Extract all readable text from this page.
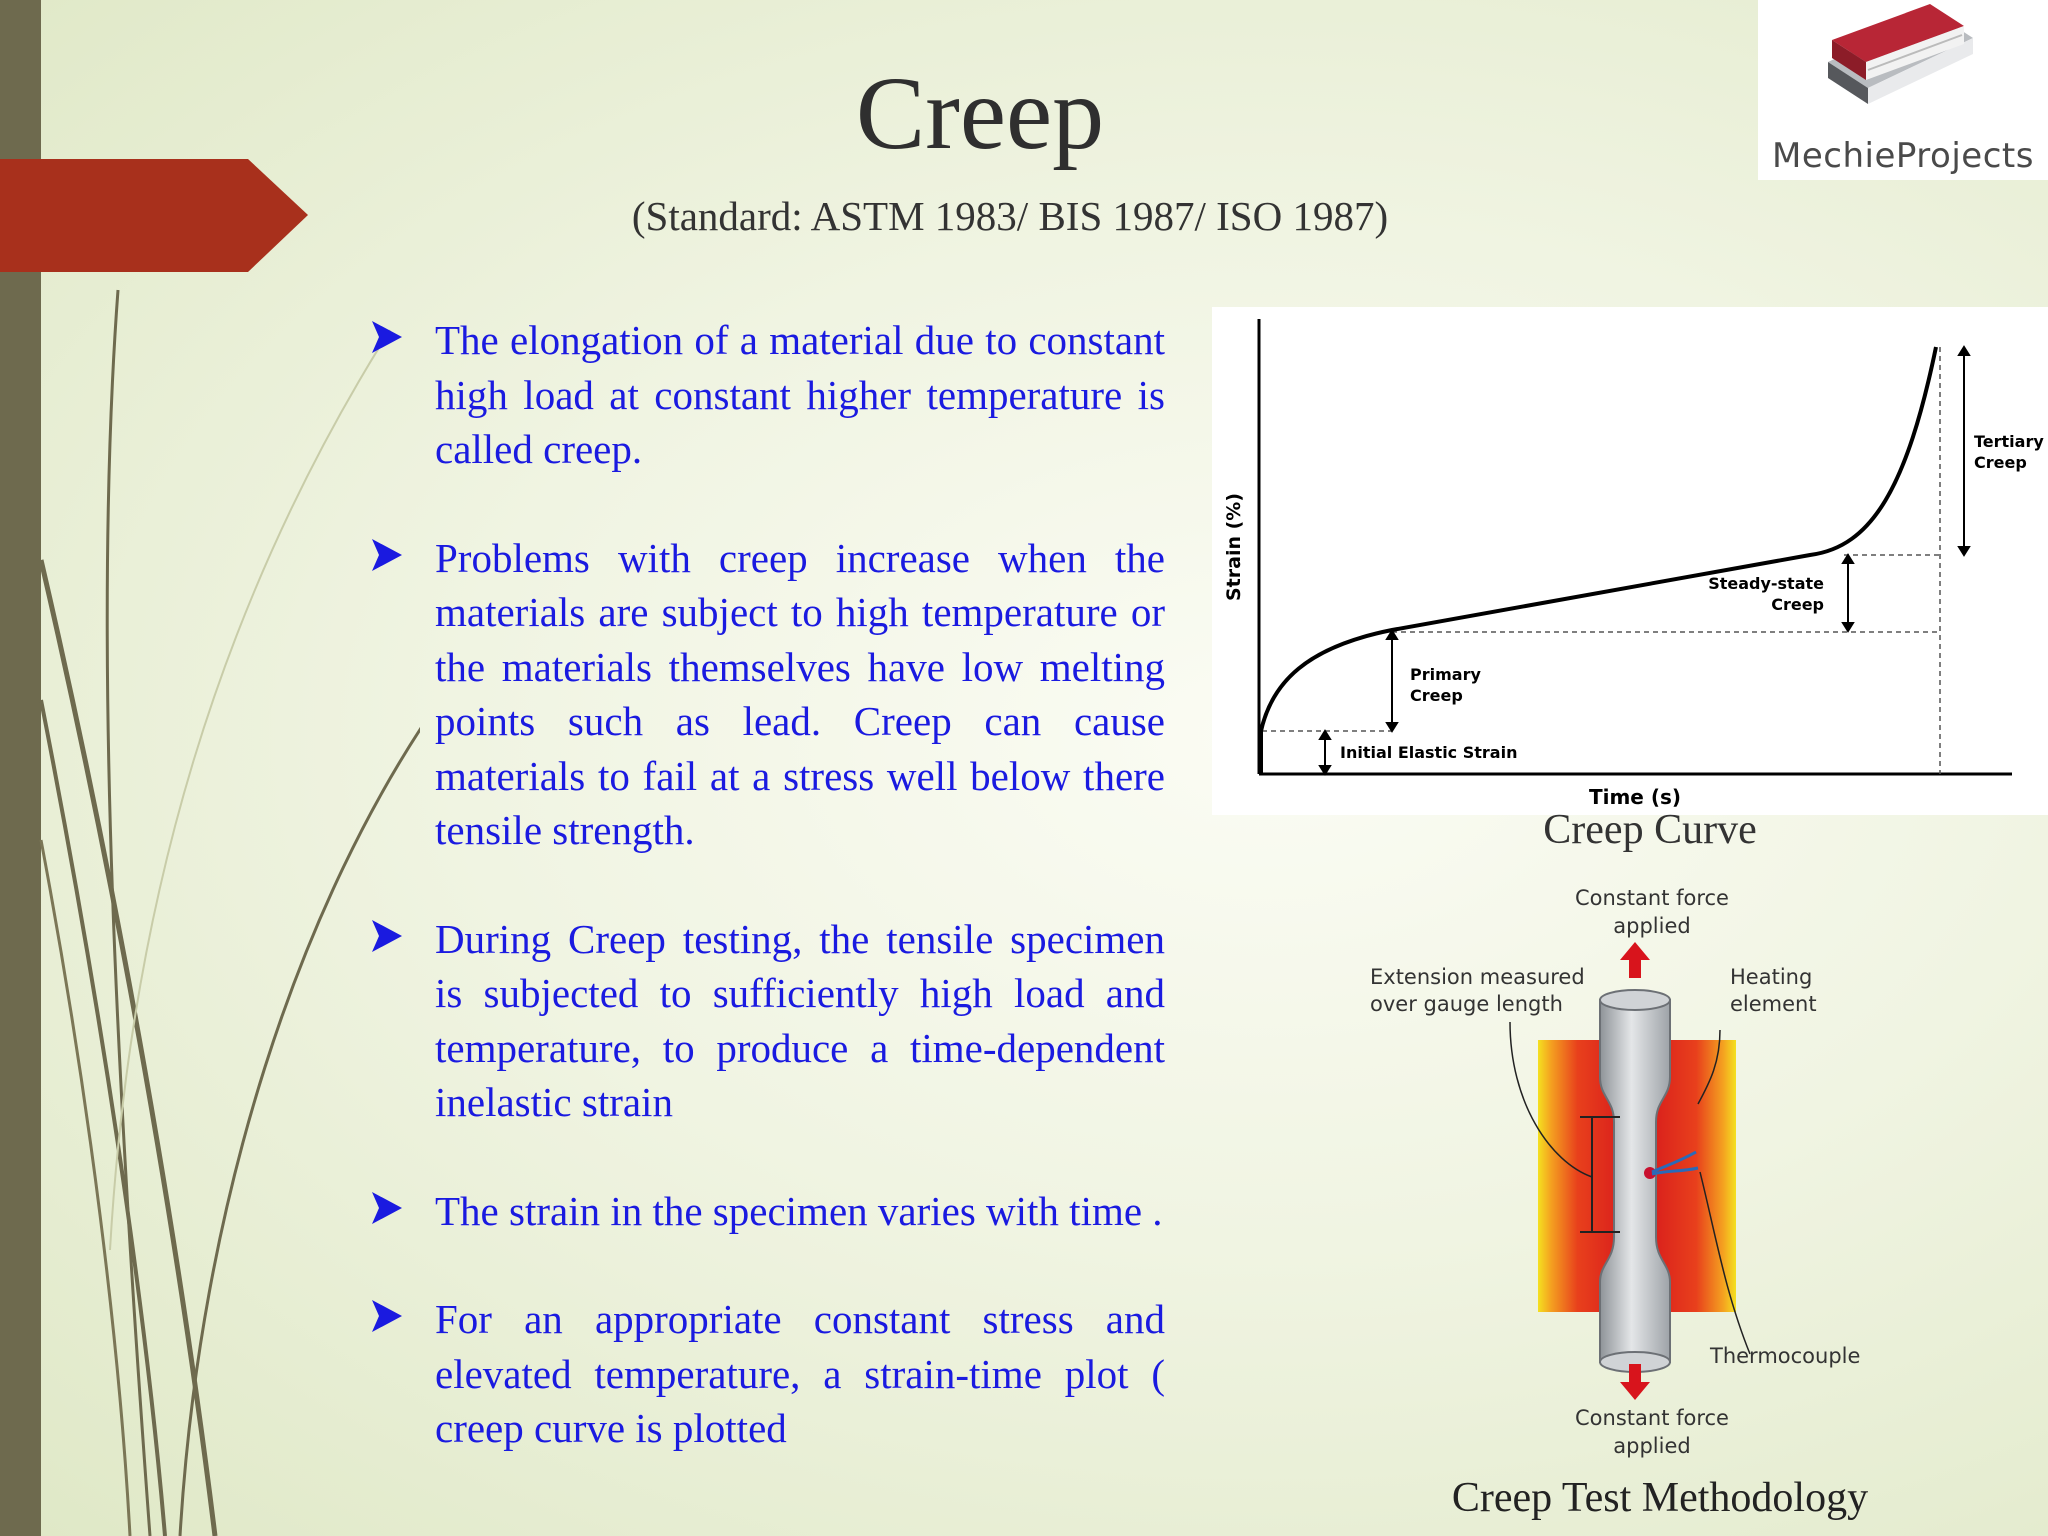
MechieProjects
Creep
(Standard: ASTM 1983/ BIS 1987/ ISO 1987)
The elongation of a material due to constant high load at constant higher temperature is called creep.
Problems with creep increase when the materials are subject to high temperature or the materials themselves have low melting points such as lead. Creep can cause materials to fail at a stress well below there tensile strength.
During Creep testing, the tensile specimen is subjected to sufficiently high load and temperature, to produce a time-dependent inelastic strain
The strain in the specimen varies with time .
For an appropriate constant stress and elevated temperature, a strain-time plot ( creep curve is plotted
Initial Elastic Strain
Primary
Creep
Steady-state
Creep
Tertiary
Creep
Time (s)
Strain (%)
Creep Curve
Constant force
applied
Extension measured
over gauge length
Heating
element
Thermocouple
Constant force
applied
Creep Test Methodology
